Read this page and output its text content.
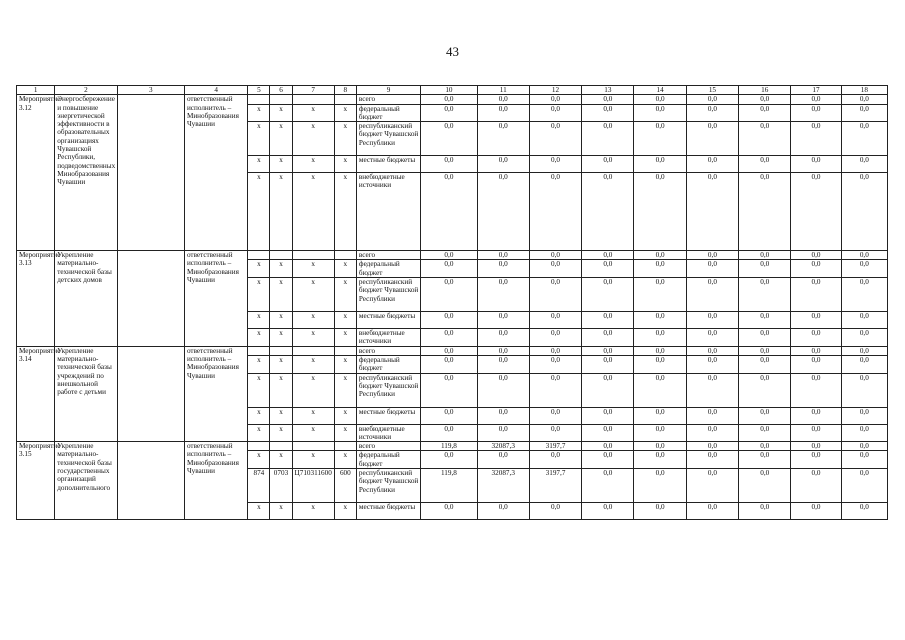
43
1	2	3	4	5	6	7	8	9	10	11	12	13	14	15	16	17	18
Мероприятие 3.12	Энергосбережение и повышение энергетической эффективности в образовательных организациях Чувашской Республики, подведомственных Минобразования Чувашии		ответственный исполнитель – Минобразования Чувашии					всего	0,0	0,0	0,0	0,0	0,0	0,0	0,0	0,0	0,0
				x	x	x	x	федеральный бюджет	0,0	0,0	0,0	0,0	0,0	0,0	0,0	0,0	0,0
				x	x	x	x	республиканский бюджет Чувашской Республики	0,0	0,0	0,0	0,0	0,0	0,0	0,0	0,0	0,0
				x	x	x	x	местные бюджеты	0,0	0,0	0,0	0,0	0,0	0,0	0,0	0,0	0,0
				x	x	x	x	внебюджетные источники	0,0	0,0	0,0	0,0	0,0	0,0	0,0	0,0	0,0
Мероприятие 3.13	Укрепление материально-технической базы детских домов		ответственный исполнитель – Минобразования Чувашии					всего	0,0	0,0	0,0	0,0	0,0	0,0	0,0	0,0	0,0
				x	x	x	x	федеральный бюджет	0,0	0,0	0,0	0,0	0,0	0,0	0,0	0,0	0,0
				x	x	x	x	республиканский бюджет Чувашской Республики	0,0	0,0	0,0	0,0	0,0	0,0	0,0	0,0	0,0
				x	x	x	x	местные бюджеты	0,0	0,0	0,0	0,0	0,0	0,0	0,0	0,0	0,0
				x	x	x	x	внебюджетные источники	0,0	0,0	0,0	0,0	0,0	0,0	0,0	0,0	0,0
Мероприятие 3.14	Укрепление материально-технической базы учреждений по внешкольной работе с детьми		ответственный исполнитель – Минобразования Чувашии					всего	0,0	0,0	0,0	0,0	0,0	0,0	0,0	0,0	0,0
				x	x	x	x	федеральный бюджет	0,0	0,0	0,0	0,0	0,0	0,0	0,0	0,0	0,0
				x	x	x	x	республиканский бюджет Чувашской Республики	0,0	0,0	0,0	0,0	0,0	0,0	0,0	0,0	0,0
				x	x	x	x	местные бюджеты	0,0	0,0	0,0	0,0	0,0	0,0	0,0	0,0	0,0
				x	x	x	x	внебюджетные источники	0,0	0,0	0,0	0,0	0,0	0,0	0,0	0,0	0,0
Мероприятие 3.15	Укрепление материально-технической базы государственных организаций дополнительного		ответственный исполнитель – Минобразования Чувашии					всего	119,8	32087,3	3197,7	0,0	0,0	0,0	0,0	0,0	0,0
				x	x	x	x	федеральный бюджет	0,0	0,0	0,0	0,0	0,0	0,0	0,0	0,0	0,0
				874	0703	Ц710311600	600	республиканский бюджет Чувашской Республики	119,8	32087,3	3197,7	0,0	0,0	0,0	0,0	0,0	0,0
				x	x	x	x	местные бюджеты	0,0	0,0	0,0	0,0	0,0	0,0	0,0	0,0	0,0
